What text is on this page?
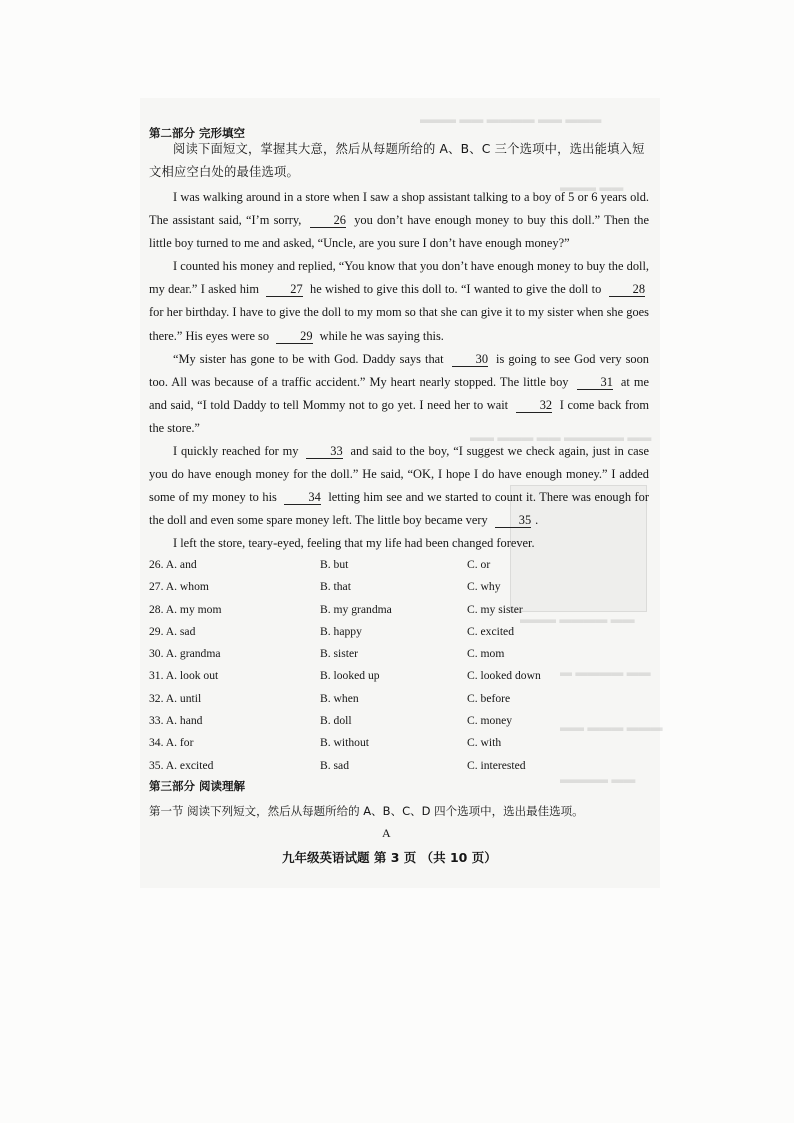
▬▬▬ ▬▬ ▬▬▬▬ ▬▬ ▬▬▬
▬▬▬ ▬▬
▬▬ ▬▬▬ ▬▬ ▬▬▬▬▬ ▬▬
▬▬▬ ▬▬▬▬ ▬▬
▬ ▬▬▬▬ ▬▬
▬▬ ▬▬▬ ▬▬▬
▬▬▬▬ ▬▬
第二部分 完形填空
阅读下面短文，掌握其大意，然后从每题所给的 A、B、C 三个选项中，选出能填入短文相应空白处的最佳选项。

I was walking around in a store when I saw a shop assistant talking to a boy of 5 or 6 years old. The assistant said, “I’m sorry, 26 you don’t have enough money to buy this doll.” Then the little boy turned to me and asked, “Uncle, are you sure I don’t have enough money?”

I counted his money and replied, “You know that you don’t have enough money to buy the doll, my dear.” I asked him 27 he wished to give this doll to. “I wanted to give the doll to 28 for her birthday. I have to give the doll to my mom so that she can give it to my sister when she goes there.” His eyes were so 29 while he was saying this.

“My sister has gone to be with God. Daddy says that 30 is going to see God very soon too. All was because of a traffic accident.” My heart nearly stopped. The little boy 31 at me and said, “I told Daddy to tell Mommy not to go yet. I need her to wait 32 I come back from the store.”

I quickly reached for my 33 and said to the boy, “I suggest we check again, just in case you do have enough money for the doll.” He said, “OK, I hope I do have enough money.” I added some of my money to his 34 letting him see and we started to count it. There was enough for the doll and even some spare money left. The little boy became very 35 .

I left the store, teary-eyed, feeling that my life had been changed forever.

26. A. and	B. but	C. or
27. A. whom	B. that	C. why
28. A. my mom	B. my grandma	C. my sister
29. A. sad	B. happy	C. excited
30. A. grandma	B. sister	C. mom
31. A. look out	B. looked up	C. looked down
32. A. until	B. when	C. before
33. A. hand	B. doll	C. money
34. A. for	B. without	C. with
35. A. excited	B. sad	C. interested
第三部分 阅读理解
第一节 阅读下列短文，然后从每题所给的 A、B、C、D 四个选项中，选出最佳选项。
A
九年级英语试题 第 3 页 （共 10 页）
